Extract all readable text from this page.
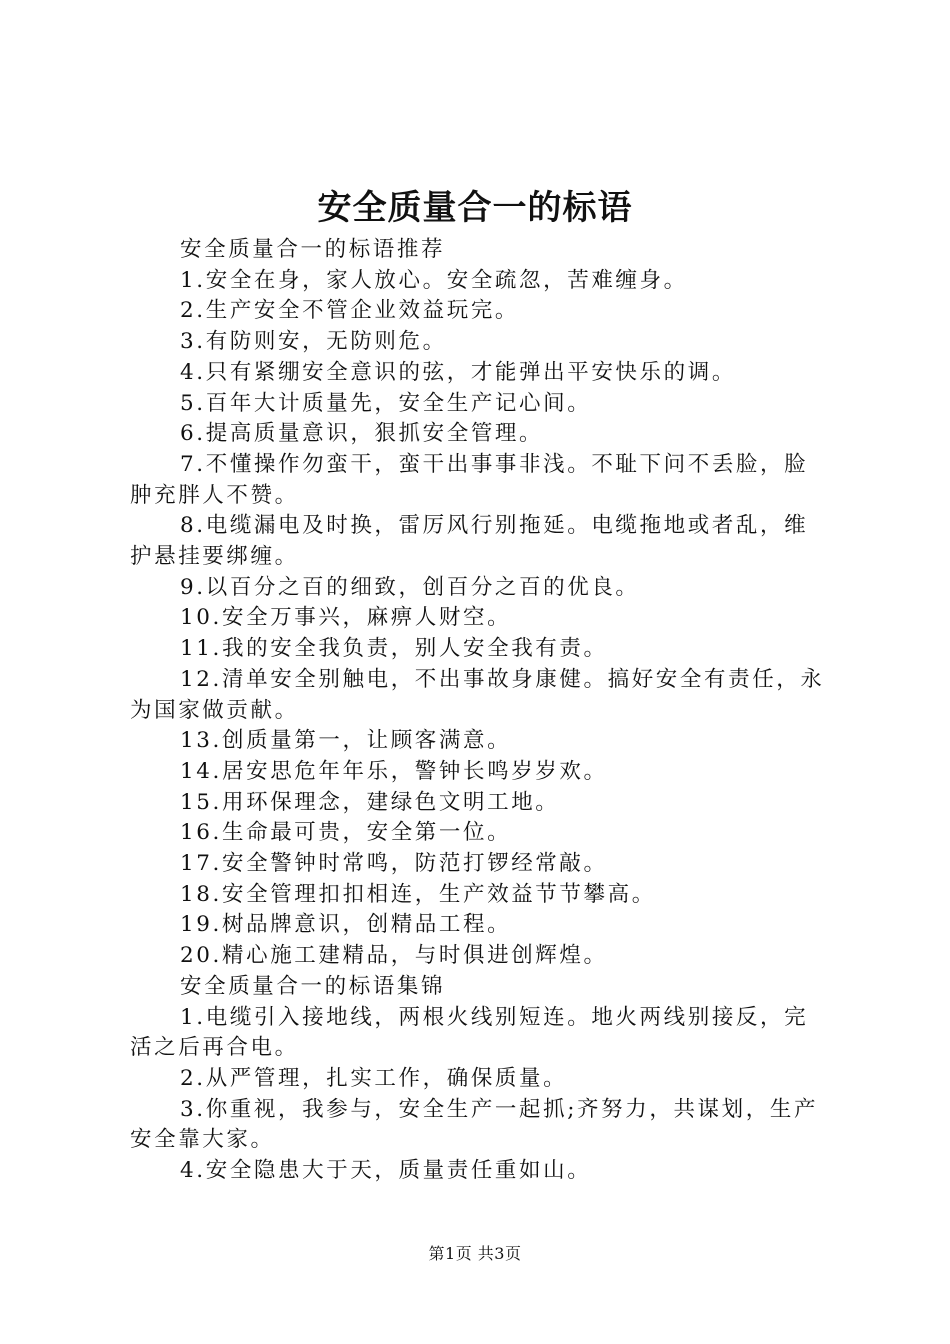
安全质量合一的标语

安全质量合一的标语推荐

1.安全在身，家人放心。安全疏忽，苦难缠身。

2.生产安全不管企业效益玩完。

3.有防则安，无防则危。

4.只有紧绷安全意识的弦，才能弹出平安快乐的调。

5.百年大计质量先，安全生产记心间。

6.提高质量意识，狠抓安全管理。

7.不懂操作勿蛮干，蛮干出事事非浅。不耻下问不丢脸，脸肿充胖人不赞。

8.电缆漏电及时换，雷厉风行别拖延。电缆拖地或者乱，维护悬挂要绑缠。

9.以百分之百的细致，创百分之百的优良。

10.安全万事兴，麻痹人财空。

11.我的安全我负责，别人安全我有责。

12.清单安全别触电，不出事故身康健。搞好安全有责任，永为国家做贡献。

13.创质量第一，让顾客满意。

14.居安思危年年乐，警钟长鸣岁岁欢。

15.用环保理念，建绿色文明工地。

16.生命最可贵，安全第一位。

17.安全警钟时常鸣，防范打锣经常敲。

18.安全管理扣扣相连，生产效益节节攀高。

19.树品牌意识，创精品工程。

20.精心施工建精品，与时俱进创辉煌。

安全质量合一的标语集锦

1.电缆引入接地线，两根火线别短连。地火两线别接反，完活之后再合电。

2.从严管理，扎实工作，确保质量。

3.你重视，我参与，安全生产一起抓;齐努力，共谋划，生产安全靠大家。

4.安全隐患大于天，质量责任重如山。

第1页 共3页
